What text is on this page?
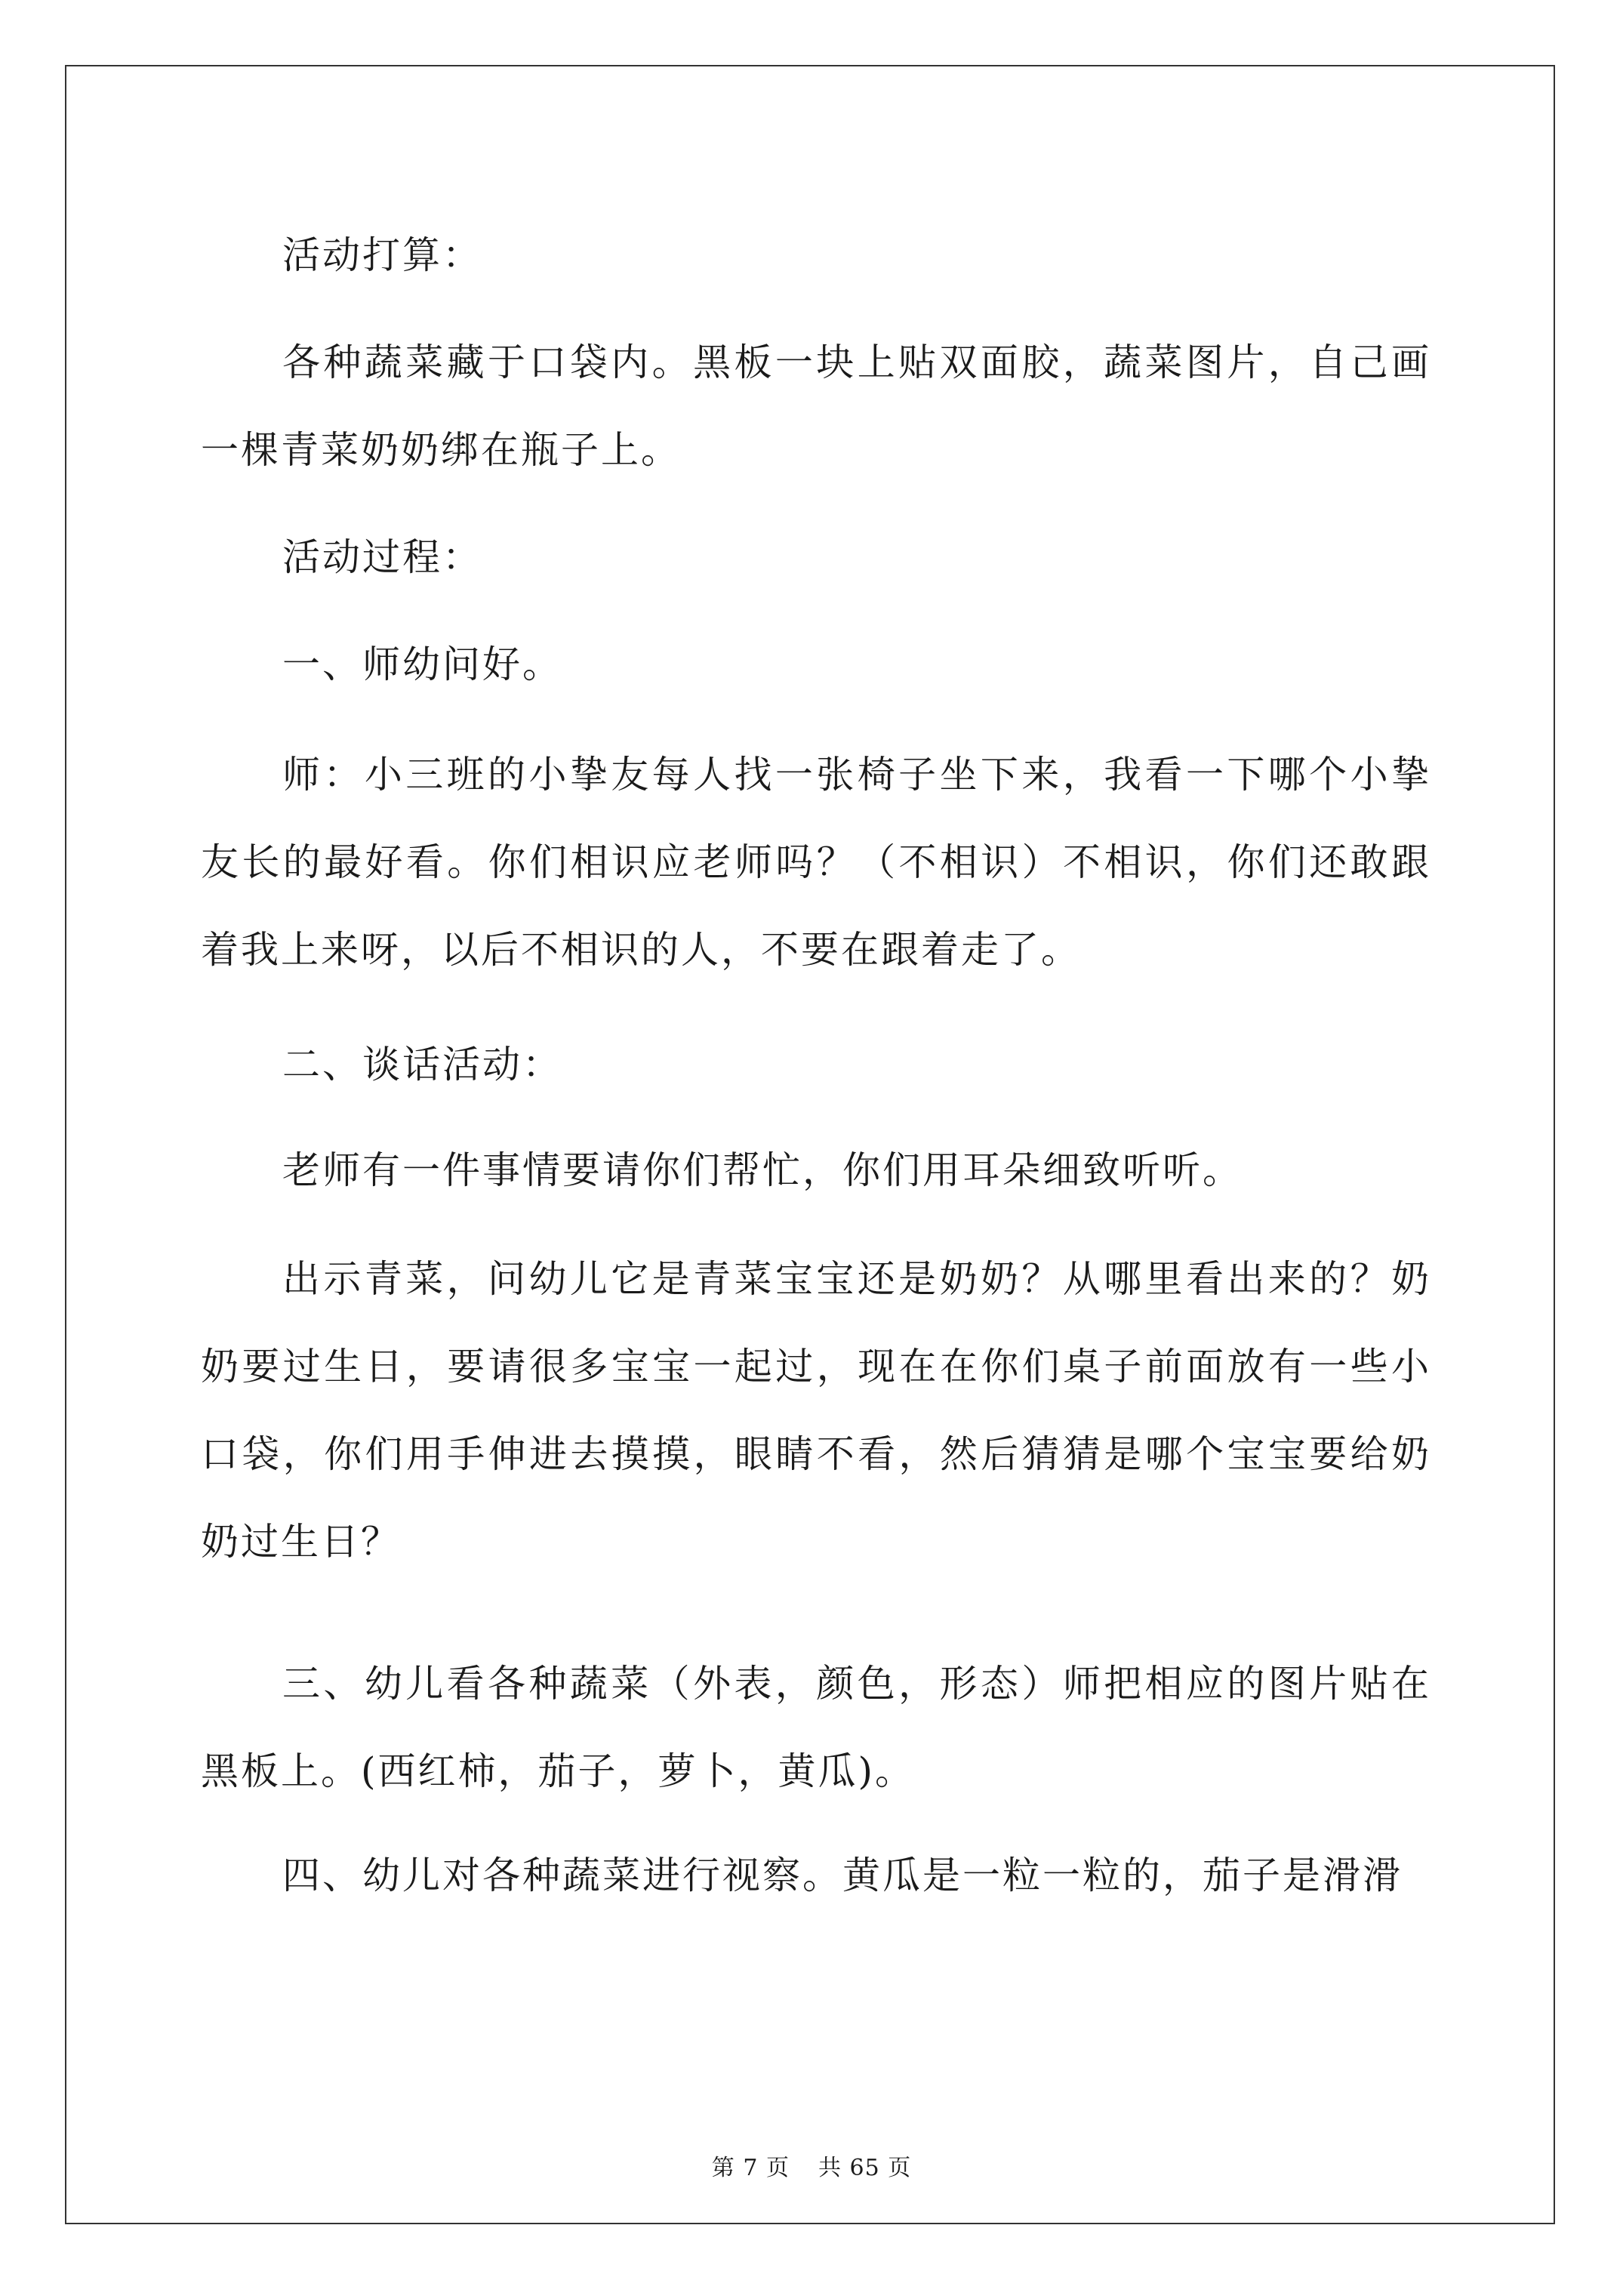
活动打算：

各种蔬菜藏于口袋内。黑板一块上贴双面胶，蔬菜图片，自己画一棵青菜奶奶绑在瓶子上。

活动过程：

一、师幼问好。

师：小三班的小挚友每人找一张椅子坐下来，我看一下哪个小挚友长的最好看。你们相识应老师吗？（不相识）不相识，你们还敢跟着我上来呀，以后不相识的人，不要在跟着走了。

二、谈话活动：

老师有一件事情要请你们帮忙，你们用耳朵细致听听。

出示青菜，问幼儿它是青菜宝宝还是奶奶？从哪里看出来的？奶奶要过生日，要请很多宝宝一起过，现在在你们桌子前面放有一些小口袋，你们用手伸进去摸摸，眼睛不看，然后猜猜是哪个宝宝要给奶奶过生日？

三、幼儿看各种蔬菜（外表，颜色，形态）师把相应的图片贴在黑板上。(西红柿，茄子，萝卜，黄瓜)。

四、幼儿对各种蔬菜进行视察。黄瓜是一粒一粒的，茄子是滑滑

第 7 页 共 65 页
